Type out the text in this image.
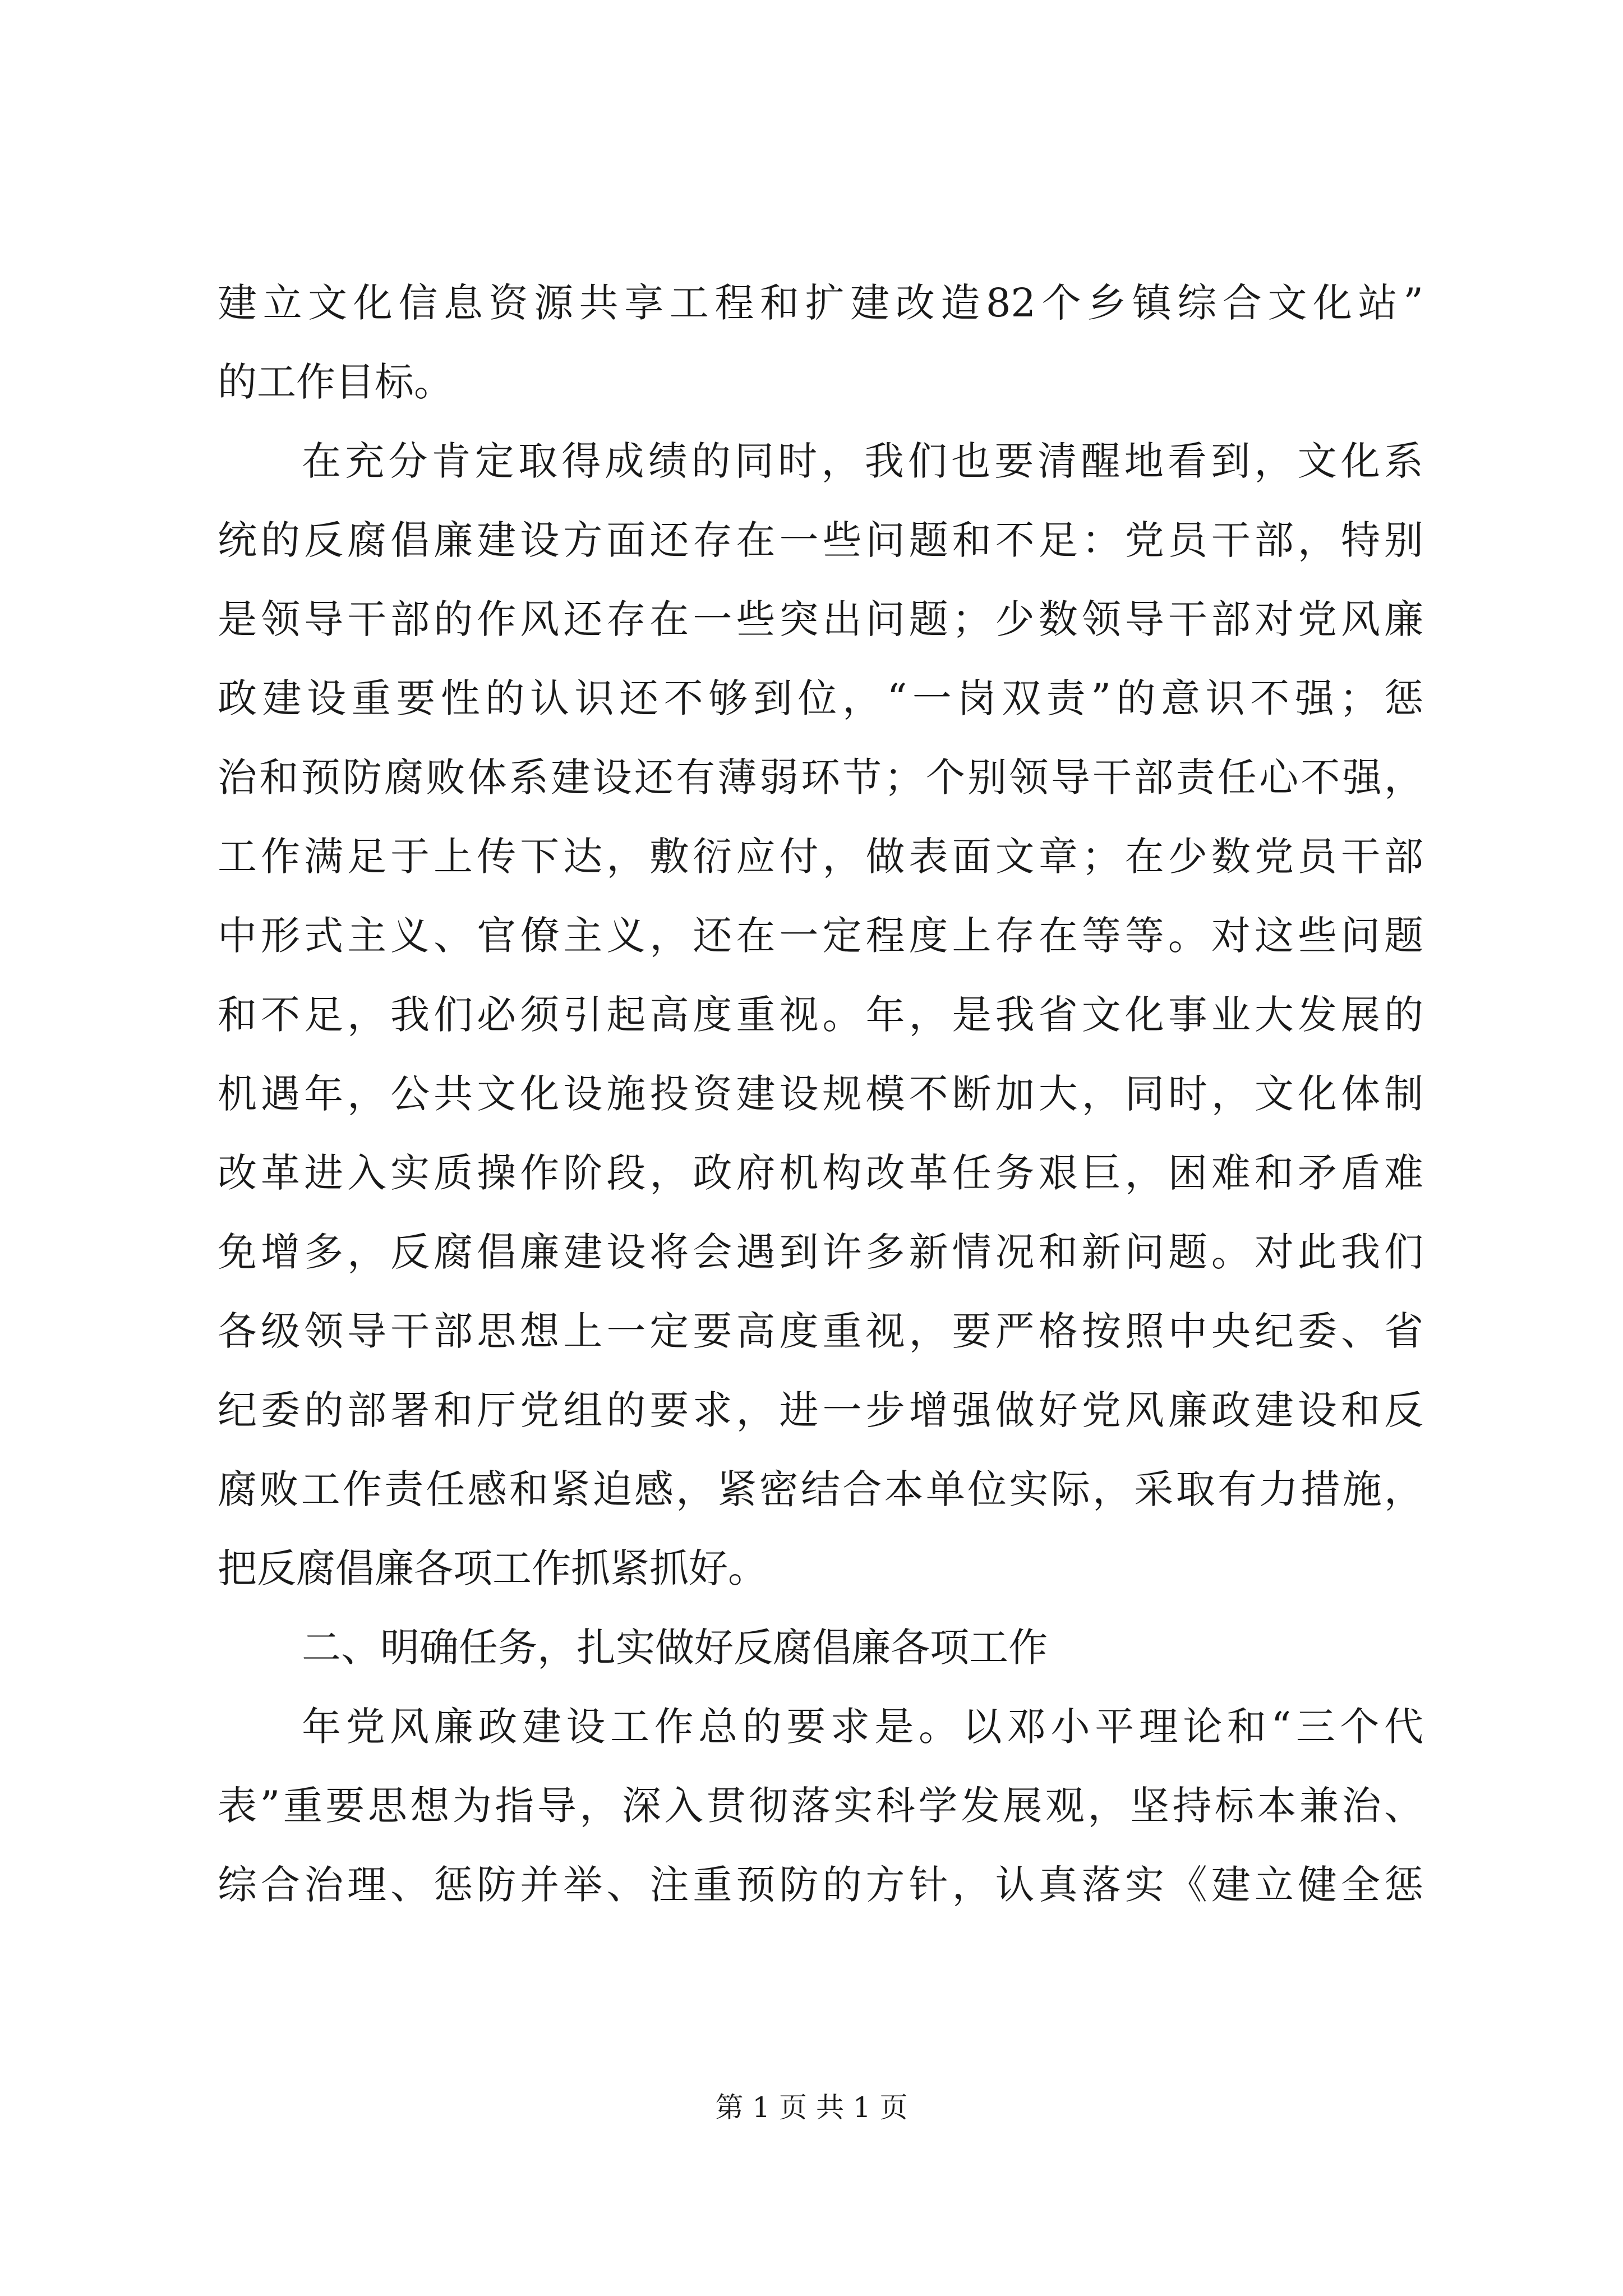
建立文化信息资源共享工程和扩建改造82个乡镇综合文化站”
的工作目标。
在充分肯定取得成绩的同时，我们也要清醒地看到，文化系
统的反腐倡廉建设方面还存在一些问题和不足：党员干部，特别
是领导干部的作风还存在一些突出问题；少数领导干部对党风廉
政建设重要性的认识还不够到位，“一岗双责”的意识不强；惩
治和预防腐败体系建设还有薄弱环节；个别领导干部责任心不强，
工作满足于上传下达，敷衍应付，做表面文章；在少数党员干部
中形式主义、官僚主义，还在一定程度上存在等等。对这些问题
和不足，我们必须引起高度重视。年，是我省文化事业大发展的
机遇年，公共文化设施投资建设规模不断加大，同时，文化体制
改革进入实质操作阶段，政府机构改革任务艰巨，困难和矛盾难
免增多，反腐倡廉建设将会遇到许多新情况和新问题。对此我们
各级领导干部思想上一定要高度重视，要严格按照中央纪委、省
纪委的部署和厅党组的要求，进一步增强做好党风廉政建设和反
腐败工作责任感和紧迫感，紧密结合本单位实际，采取有力措施，
把反腐倡廉各项工作抓紧抓好。
二、明确任务，扎实做好反腐倡廉各项工作
年党风廉政建设工作总的要求是。以邓小平理论和“三个代
表”重要思想为指导，深入贯彻落实科学发展观，坚持标本兼治、
综合治理、惩防并举、注重预防的方针，认真落实《建立健全惩
第 1 页 共 1 页
